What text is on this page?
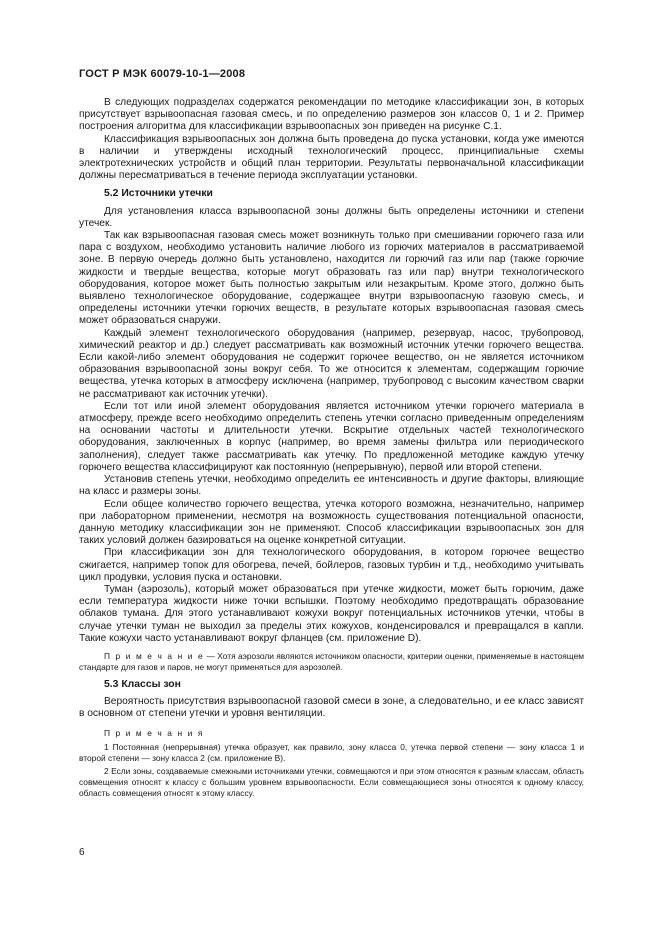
ГОСТ Р МЭК 60079-10-1—2008

В следующих подразделах содержатся рекомендации по методике классификации зон, в которых присутствует взрывоопасная газовая смесь, и по определению размеров зон классов 0, 1 и 2. Пример построения алгоритма для классификации взрывоопасных зон приведен на рисунке С.1.

Классификация взрывоопасных зон должна быть проведена до пуска установки, когда уже имеются в наличии и утверждены исходный технологический процесс, принципиальные схемы электротехнических устройств и общий план территории. Результаты первоначальной классификации должны пересматриваться в течение периода эксплуатации установки.

5.2 Источники утечки

Для установления класса взрывоопасной зоны должны быть определены источники и степени утечек.

Так как взрывоопасная газовая смесь может возникнуть только при смешивании горючего газа или пара с воздухом, необходимо установить наличие любого из горючих материалов в рассматриваемой зоне. В первую очередь должно быть установлено, находится ли горючий газ или пар (также горючие жидкости и твердые вещества, которые могут образовать газ или пар) внутри технологического оборудования, которое может быть полностью закрытым или незакрытым. Кроме этого, должно быть выявлено технологическое оборудование, содержащее внутри взрывоопасную газовую смесь, и определены источники утечки горючих веществ, в результате которых взрывоопасная газовая смесь может образоваться снаружи.

Каждый элемент технологического оборудования (например, резервуар, насос, трубопровод, химический реактор и др.) следует рассматривать как возможный источник утечки горючего вещества. Если какой-либо элемент оборудования не содержит горючее вещество, он не является источником образования взрывоопасной зоны вокруг себя. То же относится к элементам, содержащим горючие вещества, утечка которых в атмосферу исключена (например, трубопровод с высоким качеством сварки не рассматривают как источник утечки).

Если тот или иной элемент оборудования является источником утечки горючего материала в атмосферу, прежде всего необходимо определить степень утечки согласно приведенным определениям на основании частоты и длительности утечки. Вскрытие отдельных частей технологического оборудования, заключенных в корпус (например, во время замены фильтра или периодического заполнения), следует также рассматривать как утечку. По предложенной методике каждую утечку горючего вещества классифицируют как постоянную (непрерывную), первой или второй степени.

Установив степень утечки, необходимо определить ее интенсивность и другие факторы, влияющие на класс и размеры зоны.

Если общее количество горючего вещества, утечка которого возможна, незначительно, например при лабораторном применении, несмотря на возможность существования потенциальной опасности, данную методику классификации зон не применяют. Способ классификации взрывоопасных зон для таких условий должен базироваться на оценке конкретной ситуации.

При классификации зон для технологического оборудования, в котором горючее вещество сжигается, например топок для обогрева, печей, бойлеров, газовых турбин и т.д., необходимо учитывать цикл продувки, условия пуска и остановки.

Туман (аэрозоль), который может образоваться при утечке жидкости, может быть горючим, даже если температура жидкости ниже точки вспышки. Поэтому необходимо предотвращать образование облаков тумана. Для этого устанавливают кожухи вокруг потенциальных источников утечки, чтобы в случае утечки туман не выходил за пределы этих кожухов, конденсировался и превращался в капли. Такие кожухи часто устанавливают вокруг фланцев (см. приложение D).

П р и м е ч а н и е — Хотя аэрозоли являются источником опасности, критерии оценки, применяемые в настоящем стандарте для газов и паров, не могут применяться для аэрозолей.
5.3 Классы зон

Вероятность присутствия взрывоопасной газовой смеси в зоне, а следовательно, и ее класс зависят в основном от степени утечки и уровня вентиляции.

П р и м е ч а н и я
1 Постоянная (непрерывная) утечка образует, как правило, зону класса 0, утечка первой степени — зону класса 1 и второй степени — зону класса 2 (см. приложение В).
2 Если зоны, создаваемые смежными источниками утечки, совмещаются и при этом относятся к разным классам, область совмещения относят к классу с большим уровнем взрывоопасности. Если совмещающиеся зоны относятся к одному классу, область совмещения относят к этому классу.
6
